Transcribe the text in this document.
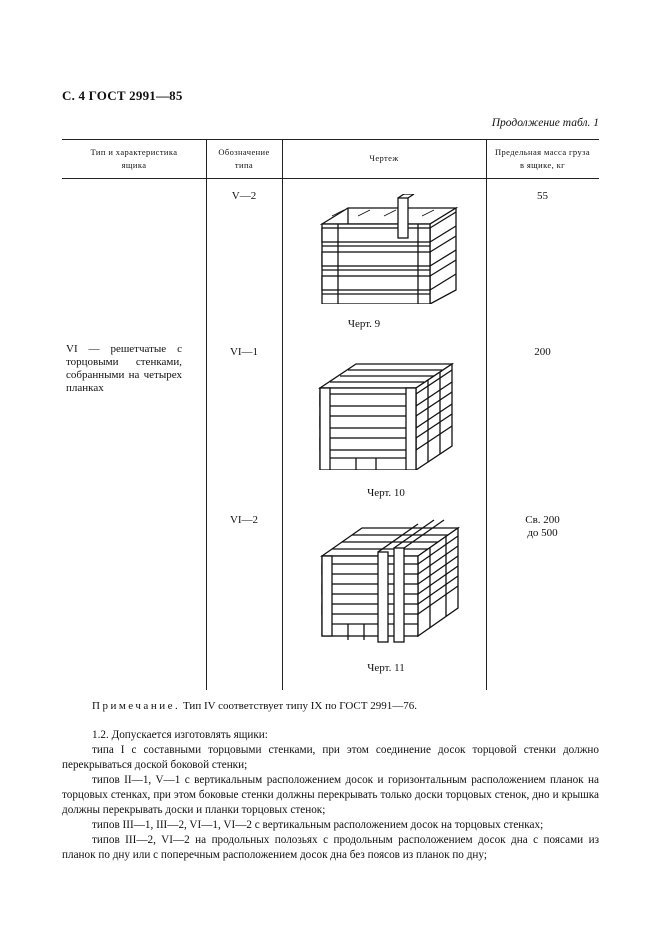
С. 4 ГОСТ 2991—85
Продолжение табл. 1
Тип и характеристика
ящика
Обозначение
типа
Чертеж
Предельная масса груза
в ящике, кг
VI — решетчатые с торцовыми стенками, собранными на четырех планках
V—2	55
Черт. 9
VI—1	200
Черт. 10
VI—2	Св. 200
до 500
Черт. 11
Примечание. Тип IV соответствует типу IX по ГОСТ 2991—76.
1.2. Допускается изготовлять ящики:
типа I с составными торцовыми стенками, при этом соединение досок торцовой стенки должно перекрываться доской боковой стенки;
типов II—1, V—1 с вертикальным расположением досок и горизонтальным расположением планок на торцовых стенках, при этом боковые стенки должны перекрывать только доски торцовых стенок, дно и крышка должны перекрывать доски и планки торцовых стенок;
типов III—1, III—2, VI—1, VI—2 с вертикальным расположением досок на торцовых стенках;
типов III—2, VI—2 на продольных полозьях с продольным расположением досок дна с поясами из планок по дну или с поперечным расположением досок дна без поясов из планок по дну;
